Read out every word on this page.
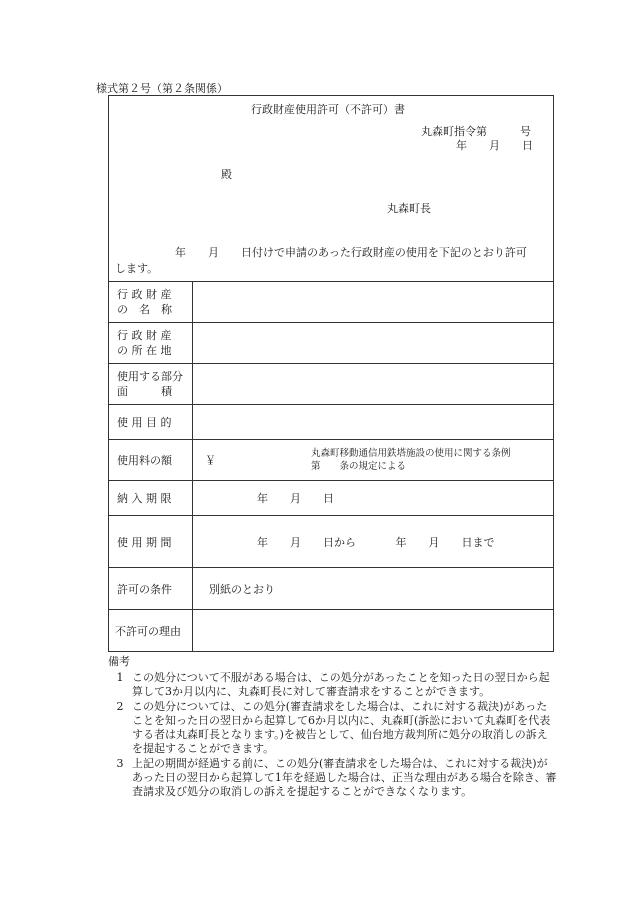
様式第２号（第２条関係）
行政財産使用許可（不許可）書
丸森町指令第　　　号
年　　月　　日
殿
丸森町長
年　　月　　日付けで申請のあった行政財産の使用を下記のとおり許可
します。
行 政 財 産
の　名　称	

行 政 財 産
の 所 在 地	

使用する部分
面　　　積	

使 用 目 的	
使用料の額	￥
丸森町移動通信用鉄塔施設の使用に関する条例
第　　条の規定による

納 入 期 限	年　　月　　日
使 用 期 間	年　　月　　日から 年　　月　　日まで
許可の条件	別紙のとおり
不許可の理由	
備考
1 この処分について不服がある場合は、この処分があったことを知った日の翌日から起算して3か月以内に、丸森町長に対して審査請求をすることができます。
2 この処分については、この処分(審査請求をした場合は、これに対する裁決)があったことを知った日の翌日から起算して6か月以内に、丸森町(訴訟において丸森町を代表する者は丸森町長となります。)を被告として、仙台地方裁判所に処分の取消しの訴えを提起することができます。
3 上記の期間が経過する前に、この処分(審査請求をした場合は、これに対する裁決)があった日の翌日から起算して1年を経過した場合は、正当な理由がある場合を除き、審査請求及び処分の取消しの訴えを提起することができなくなります。
